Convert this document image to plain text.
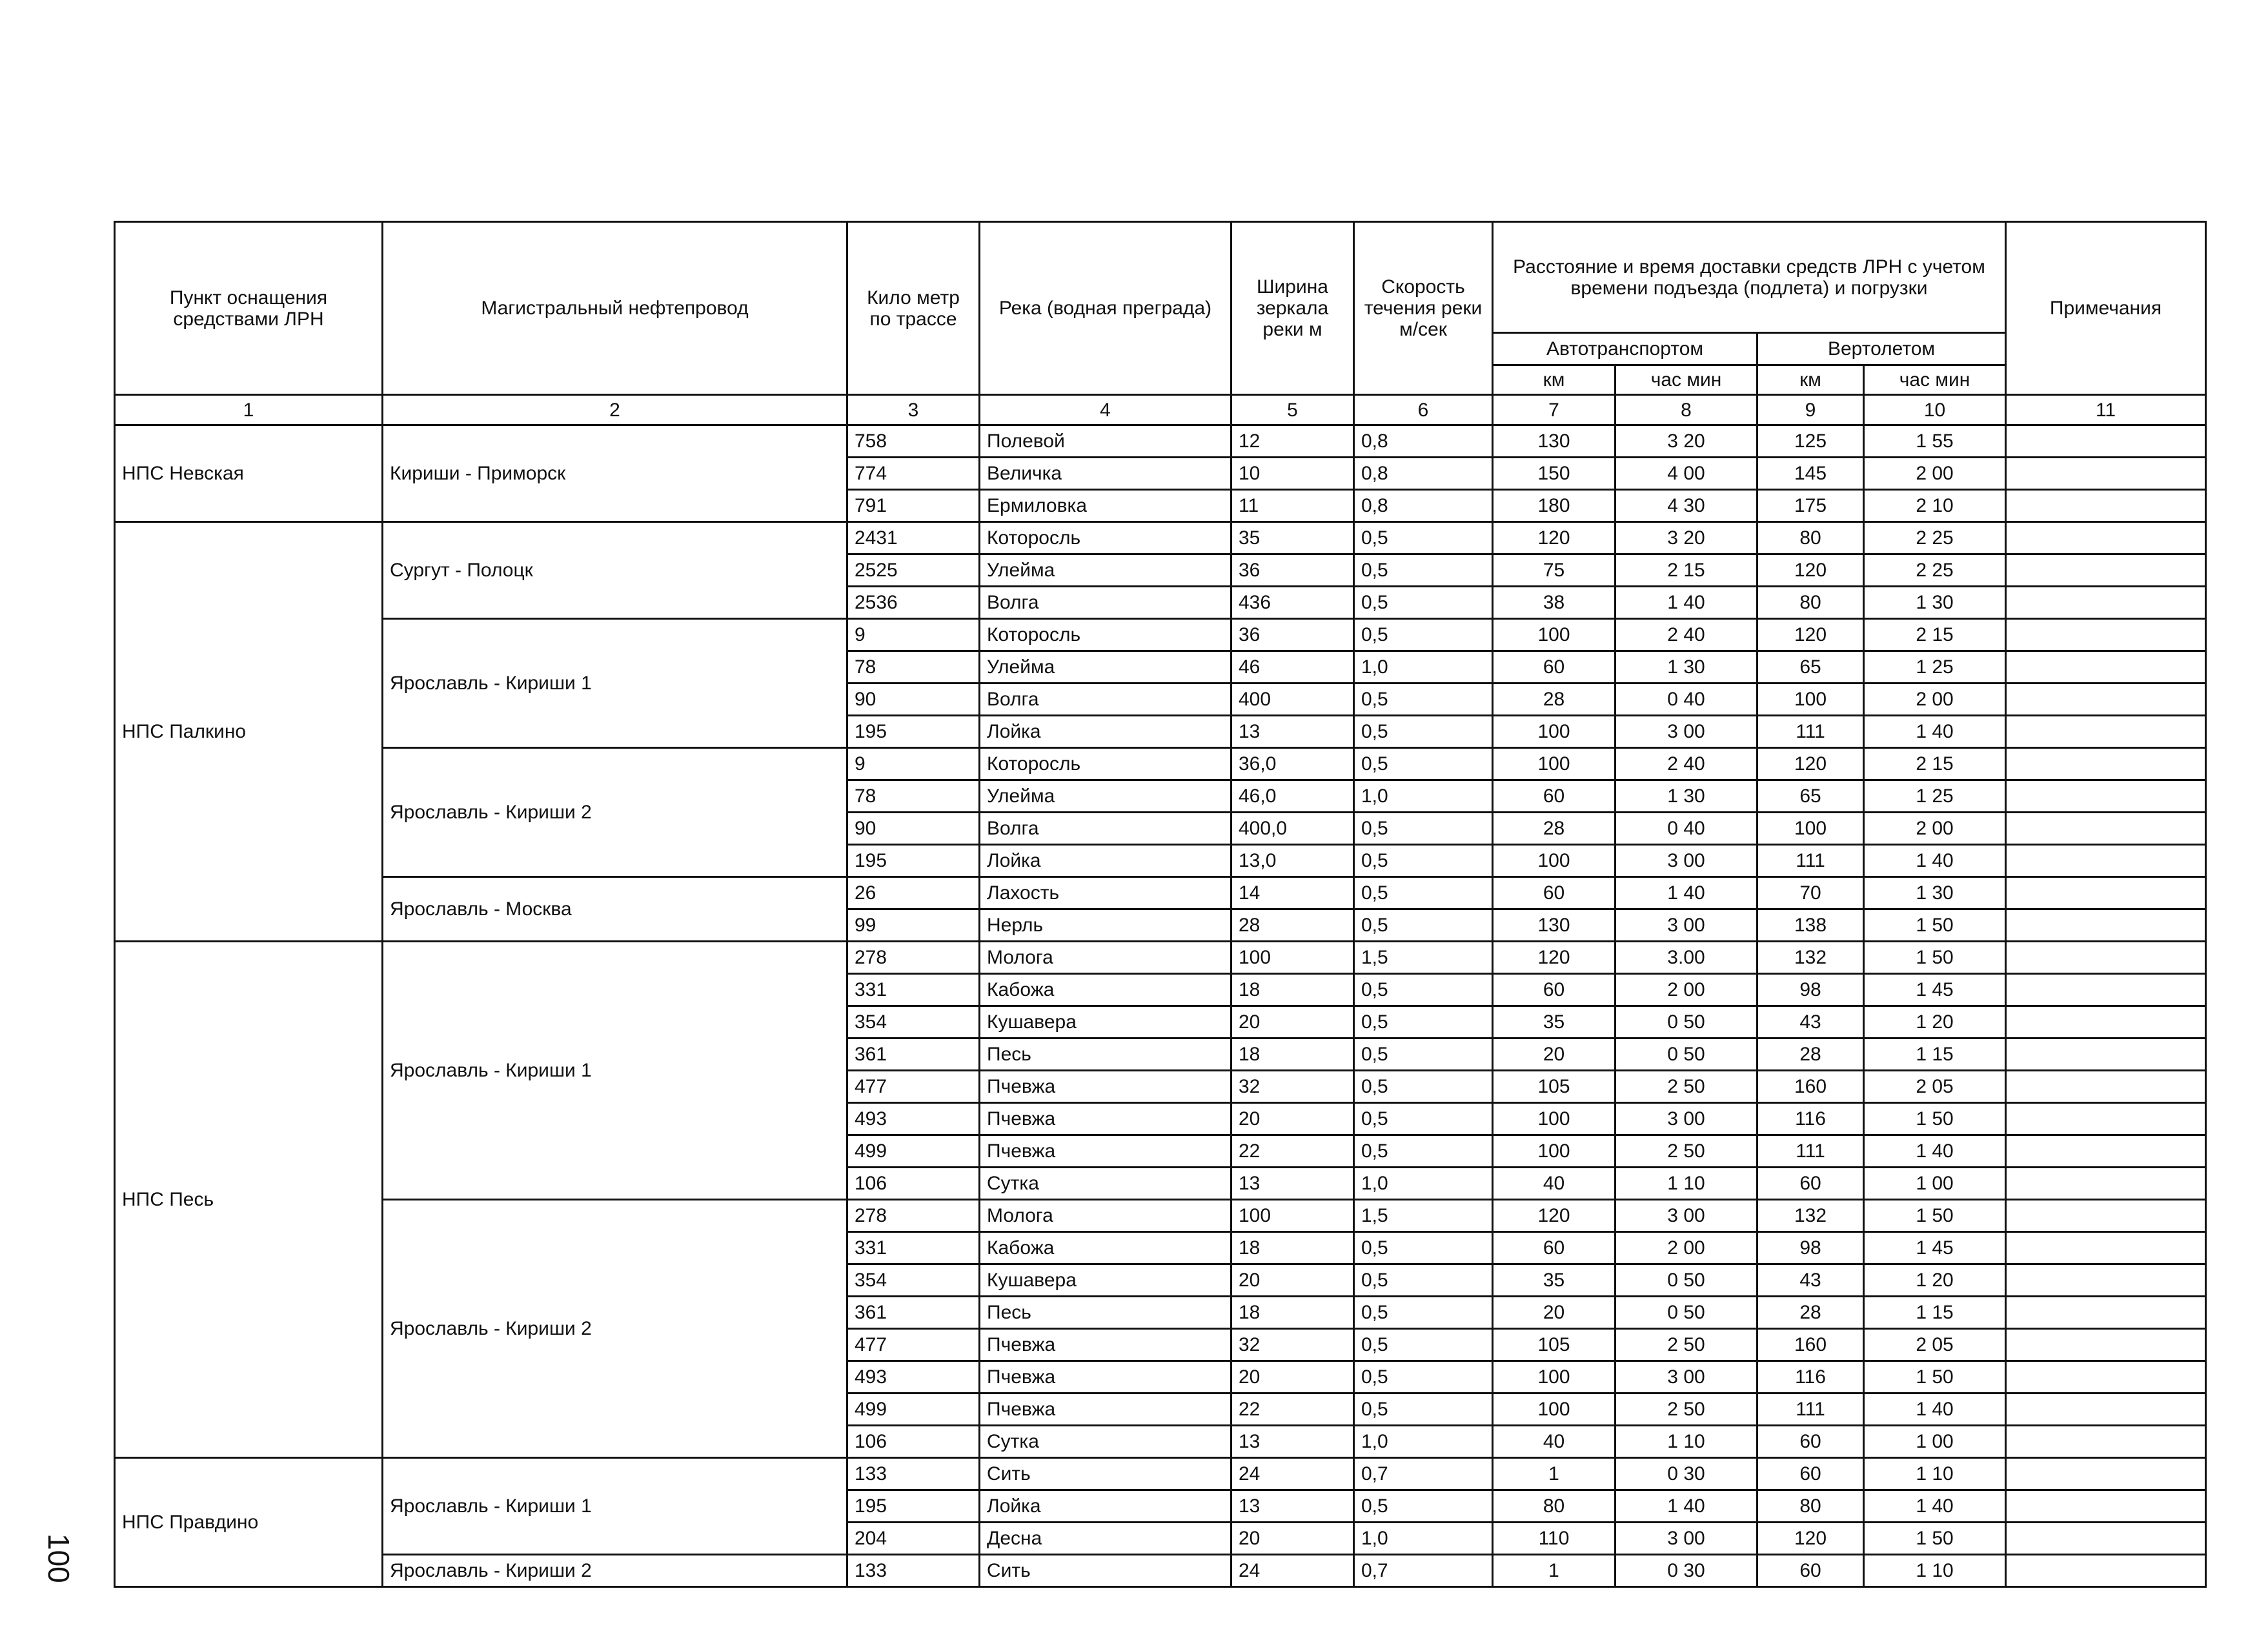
Пункт оснащения средствами ЛРН	Магистральный нефтепровод	Кило метр по трассе	Река (водная преграда)	Ширина зеркала реки м	Скорость течения реки м/сек	Расстояние и время доставки средств ЛРН с учетом времени подъезда (подлета) и погрузки				Примечания
						Автотранспортом		Вертолетом		
						км	час мин	км	час мин	
1	2	3	4	5	6	7	8	9	10	11
НПС Невская	Кириши - Приморск	758	Полевой	12	0,8	130	3 20	125	1 55	
		774	Величка	10	0,8	150	4 00	145	2 00	
		791	Ермиловка	11	0,8	180	4 30	175	2 10	
НПС Палкино	Сургут - Полоцк	2431	Которосль	35	0,5	120	3 20	80	2 25	
		2525	Улейма	36	0,5	75	2 15	120	2 25	
		2536	Волга	436	0,5	38	1 40	80	1 30	
	Ярославль - Кириши 1	9	Которосль	36	0,5	100	2 40	120	2 15	
		78	Улейма	46	1,0	60	1 30	65	1 25	
		90	Волга	400	0,5	28	0 40	100	2 00	
		195	Лойка	13	0,5	100	3 00	111	1 40	
	Ярославль - Кириши 2	9	Которосль	36,0	0,5	100	2 40	120	2 15	
		78	Улейма	46,0	1,0	60	1 30	65	1 25	
		90	Волга	400,0	0,5	28	0 40	100	2 00	
		195	Лойка	13,0	0,5	100	3 00	111	1 40	
	Ярославль - Москва	26	Лахость	14	0,5	60	1 40	70	1 30	
		99	Нерль	28	0,5	130	3 00	138	1 50	
НПС Песь	Ярославль - Кириши 1	278	Молога	100	1,5	120	3.00	132	1 50	
		331	Кабожа	18	0,5	60	2 00	98	1 45	
		354	Кушавера	20	0,5	35	0 50	43	1 20	
		361	Песь	18	0,5	20	0 50	28	1 15	
		477	Пчевжа	32	0,5	105	2 50	160	2 05	
		493	Пчевжа	20	0,5	100	3 00	116	1 50	
		499	Пчевжа	22	0,5	100	2 50	111	1 40	
		106	Сутка	13	1,0	40	1 10	60	1 00	
	Ярославль - Кириши 2	278	Молога	100	1,5	120	3 00	132	1 50	
		331	Кабожа	18	0,5	60	2 00	98	1 45	
		354	Кушавера	20	0,5	35	0 50	43	1 20	
		361	Песь	18	0,5	20	0 50	28	1 15	
		477	Пчевжа	32	0,5	105	2 50	160	2 05	
		493	Пчевжа	20	0,5	100	3 00	116	1 50	
		499	Пчевжа	22	0,5	100	2 50	111	1 40	
		106	Сутка	13	1,0	40	1 10	60	1 00	
НПС Правдино	Ярославль - Кириши 1	133	Сить	24	0,7	1	0 30	60	1 10	
		195	Лойка	13	0,5	80	1 40	80	1 40	
		204	Десна	20	1,0	110	3 00	120	1 50	
	Ярославль - Кириши 2	133	Сить	24	0,7	1	0 30	60	1 10	
100
